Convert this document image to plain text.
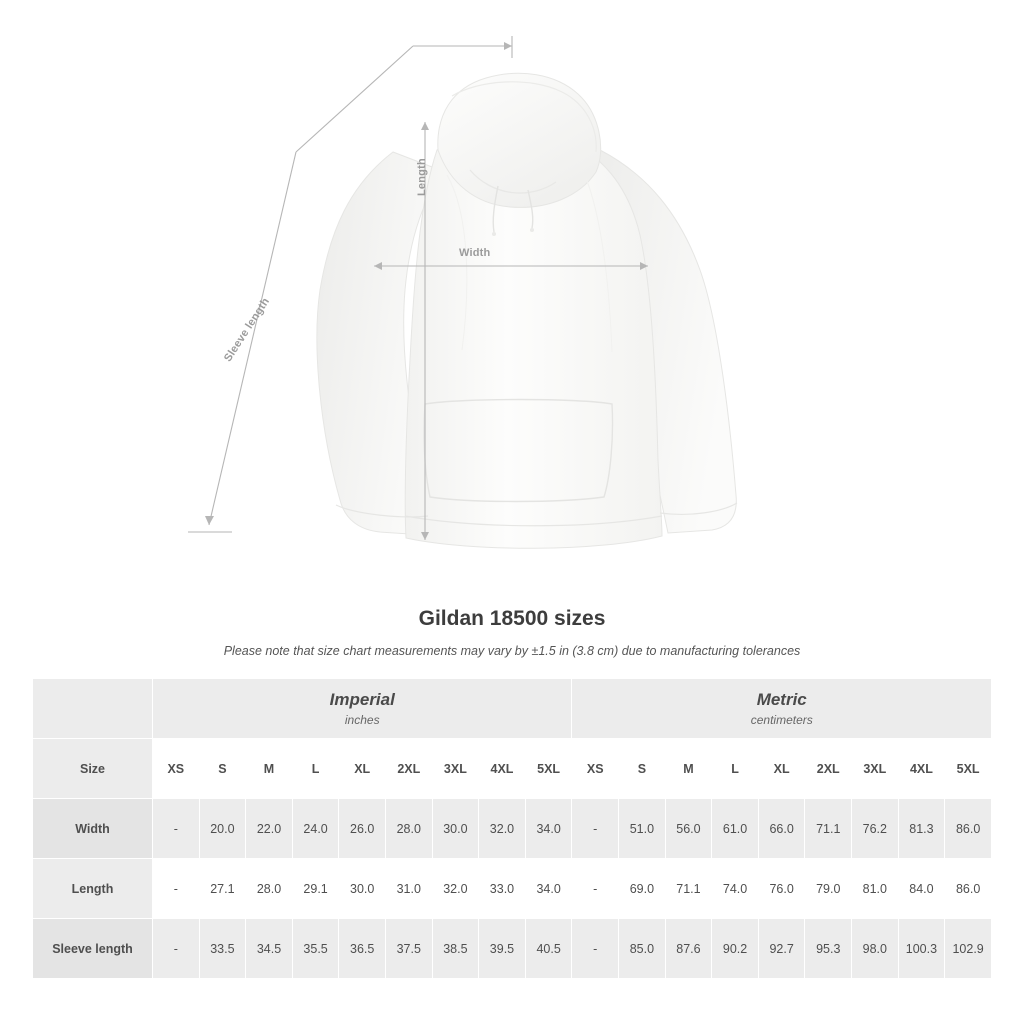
Width
Length
Sleeve length
Gildan 18500 sizes

Please note that size chart measurements may vary by ±1.5 in (3.8 cm) due to manufacturing tolerances

	Imperial
inches									Metric
centimeters								

Size	XS	S	M	L	XL	2XL	3XL	4XL	5XL	XS	S	M	L	XL	2XL	3XL	4XL	5XL
Width	-	20.0	22.0	24.0	26.0	28.0	30.0	32.0	34.0	-	51.0	56.0	61.0	66.0	71.1	76.2	81.3	86.0
Length	-	27.1	28.0	29.1	30.0	31.0	32.0	33.0	34.0	-	69.0	71.1	74.0	76.0	79.0	81.0	84.0	86.0
Sleeve length	-	33.5	34.5	35.5	36.5	37.5	38.5	39.5	40.5	-	85.0	87.6	90.2	92.7	95.3	98.0	100.3	102.9
